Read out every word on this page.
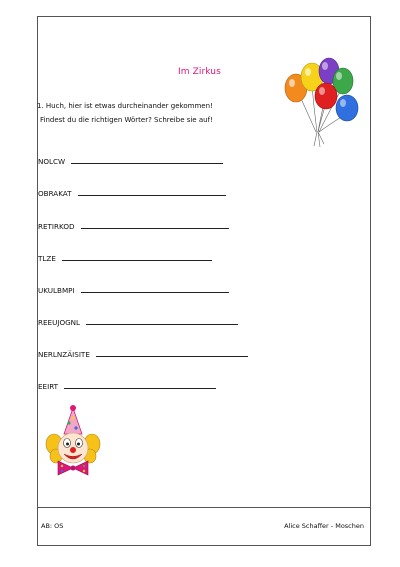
Im Zirkus
1. Huch, hier ist etwas durcheinander gekommen!
Findest du die richtigen Wörter? Schreibe sie auf!
NOLCW
OBRAKAT
RETIRKOD
TLZE
UKULBMPI
REEUJOGNL
NERLNZÄISITE
EEIRT
AB: OS	Alice Schaffer - Moschen
